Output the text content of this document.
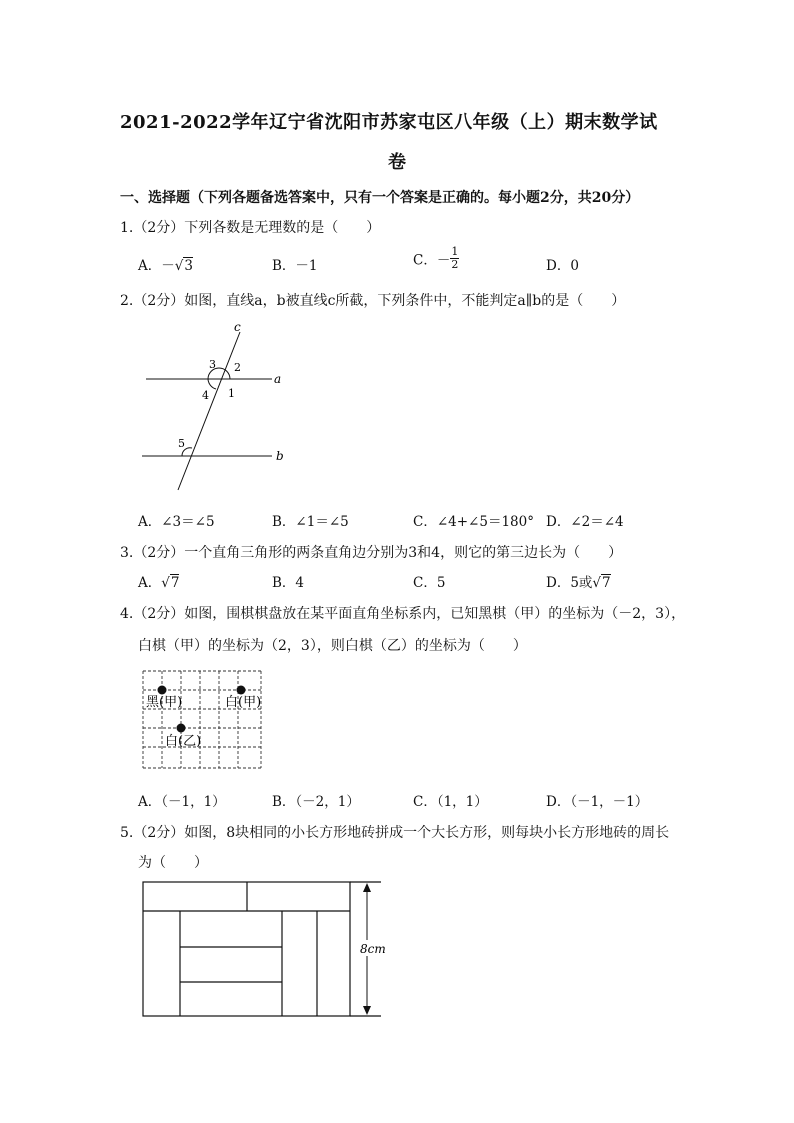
2021-2022学年辽宁省沈阳市苏家屯区八年级（上）期末数学试
卷
一、选择题（下列各题备选答案中，只有一个答案是正确的。每小题2分，共20分）
1.（2分）下列各数是无理数的是（　　）
A．－√3	B．－1	C．－ $\frac{1}{2}$	D．0
2.（2分）如图，直线a，b被直线c所截，下列条件中，不能判定a∥b的是（　　）
c
a
b
3 2
4 1
5
A．∠3＝∠5	B．∠1＝∠5	C．∠4+∠5＝180° D．∠2＝∠4
3.（2分）一个直角三角形的两条直角边分别为3和4，则它的第三边长为（　　）
A．√7	B．4	C．5	D．5或√7
4.（2分）如图，围棋棋盘放在某平面直角坐标系内，已知黑棋（甲）的坐标为（－2，3），
白棋（甲）的坐标为（2，3），则白棋（乙）的坐标为（　　）
黑(甲)	白(甲)
白(乙)
A．（－1，1）	B．（－2，1）	C．（1，1）	D．（－1，－1）
5.（2分）如图，8块相同的小长方形地砖拼成一个大长方形，则每块小长方形地砖的周长
为（　　）
8cm
